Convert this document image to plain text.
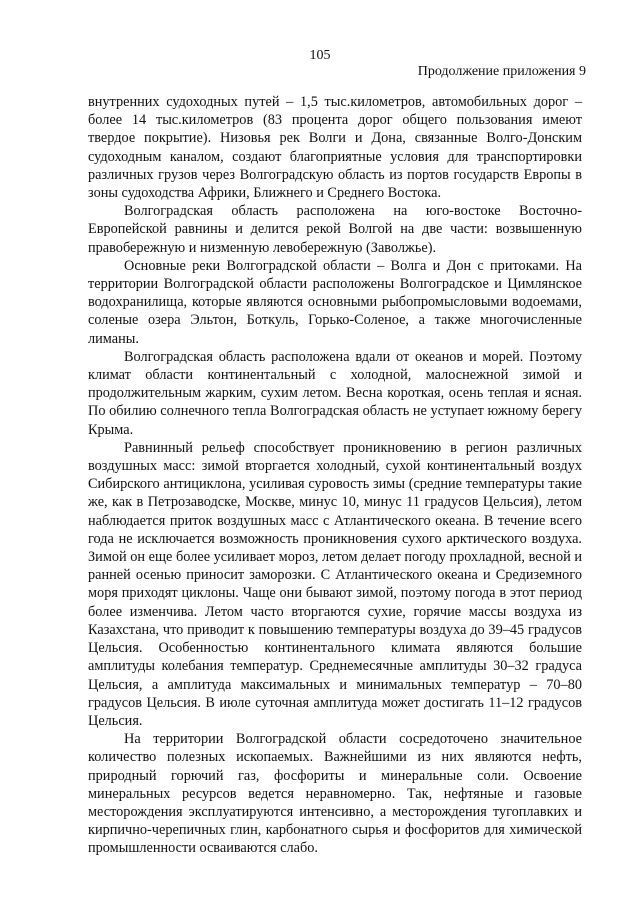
105
Продолжение приложения 9

внутренних судоходных путей – 1,5 тыс.километров, автомобильных дорог – более 14 тыс.километров (83 процента дорог общего пользования имеют твердое покрытие). Низовья рек Волги и Дона, связанные Волго-Донским судоходным каналом, создают благоприятные условия для транспортировки различных грузов через Волгоградскую область из портов государств Европы в зоны судоходства Африки, Ближнего и Среднего Востока.

Волгоградская область расположена на юго-востоке Восточно-Европейской равнины и делится рекой Волгой на две части: возвышенную правобережную и низменную левобережную (Заволжье).

Основные реки Волгоградской области – Волга и Дон с притоками. На территории Волгоградской области расположены Волгоградское и Цимлянское водохранилища, которые являются основными рыбопромысловыми водоемами, соленые озера Эльтон, Боткуль, Горько-Соленое, а также многочисленные лиманы.

Волгоградская область расположена вдали от океанов и морей. Поэтому климат области континентальный с холодной, малоснежной зимой и продолжительным жарким, сухим летом. Весна короткая, осень теплая и ясная. По обилию солнечного тепла Волгоградская область не уступает южному берегу Крыма.

Равнинный рельеф способствует проникновению в регион различных воздушных масс: зимой вторгается холодный, сухой континентальный воздух Сибирского антициклона, усиливая суровость зимы (средние температуры такие же, как в Петрозаводске, Москве, минус 10, минус 11 градусов Цельсия), летом наблюдается приток воздушных масс с Атлантического океана. В течение всего года не исключается возможность проникновения сухого арктического воздуха. Зимой он еще более усиливает мороз, летом делает погоду прохладной, весной и ранней осенью приносит заморозки. С Атлантического океана и Средиземного моря приходят циклоны. Чаще они бывают зимой, поэтому погода в этот период более изменчива. Летом часто вторгаются сухие, горячие массы воздуха из Казахстана, что приводит к повышению температуры воздуха до 39–45 градусов Цельсия. Особенностью континентального климата являются большие амплитуды колебания температур. Среднемесячные амплитуды 30–32 градуса Цельсия, а амплитуда максимальных и минимальных температур – 70–80 градусов Цельсия. В июле суточная амплитуда может достигать 11–12 градусов Цельсия.

На территории Волгоградской области сосредоточено значительное количество полезных ископаемых. Важнейшими из них являются нефть, природный горючий газ, фосфориты и минеральные соли. Освоение минеральных ресурсов ведется неравномерно. Так, нефтяные и газовые месторождения эксплуатируются интенсивно, а месторождения тугоплавких и кирпично-черепичных глин, карбонатного сырья и фосфоритов для химической промышленности осваиваются слабо.
